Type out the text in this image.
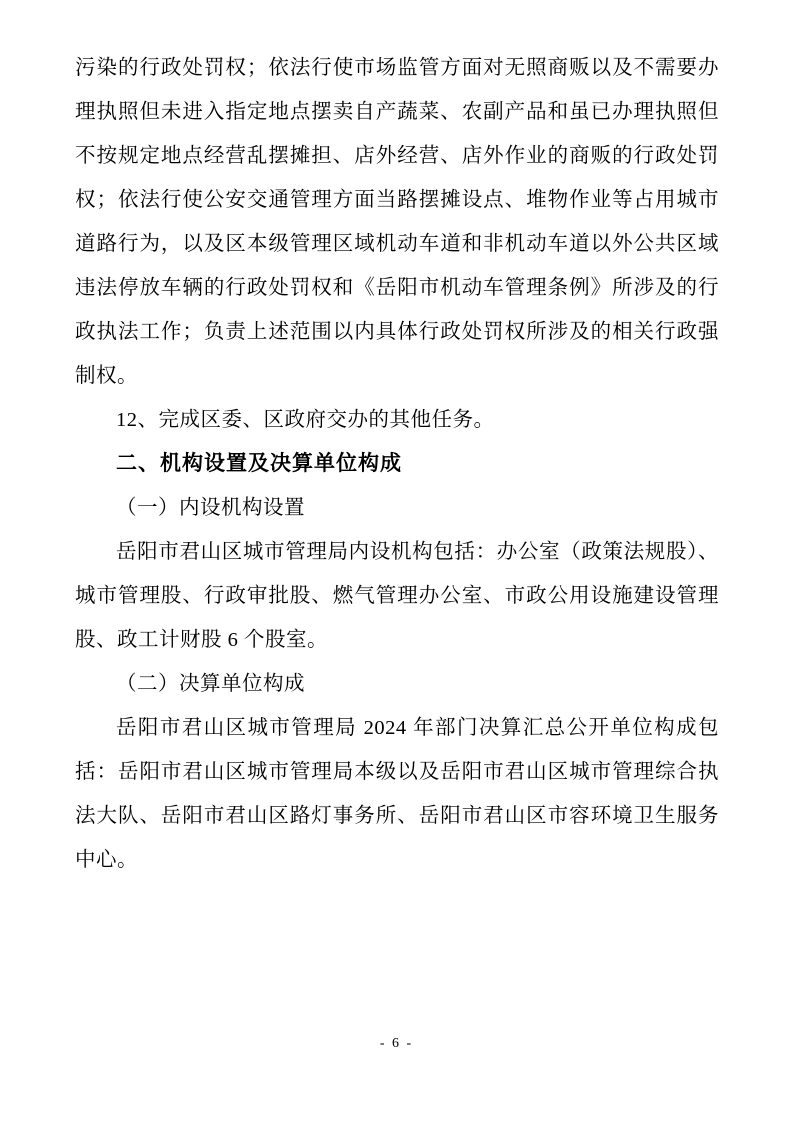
污染的行政处罚权；依法行使市场监管方面对无照商贩以及不需要办
理执照但未进入指定地点摆卖自产蔬菜、农副产品和虽已办理执照但
不按规定地点经营乱摆摊担、店外经营、店外作业的商贩的行政处罚
权；依法行使公安交通管理方面当路摆摊设点、堆物作业等占用城市
道路行为，以及区本级管理区域机动车道和非机动车道以外公共区域
违法停放车辆的行政处罚权和《岳阳市机动车管理条例》所涉及的行
政执法工作；负责上述范围以内具体行政处罚权所涉及的相关行政强
制权。
12、完成区委、区政府交办的其他任务。
二、机构设置及决算单位构成
（一）内设机构设置
岳阳市君山区城市管理局内设机构包括：办公室（政策法规股）、
城市管理股、行政审批股、燃气管理办公室、市政公用设施建设管理
股、政工计财股 6 个股室。
（二）决算单位构成
岳阳市君山区城市管理局 2024 年部门决算汇总公开单位构成包
括：岳阳市君山区城市管理局本级以及岳阳市君山区城市管理综合执
法大队、岳阳市君山区路灯事务所、岳阳市君山区市容环境卫生服务
中心。
- 6 -
